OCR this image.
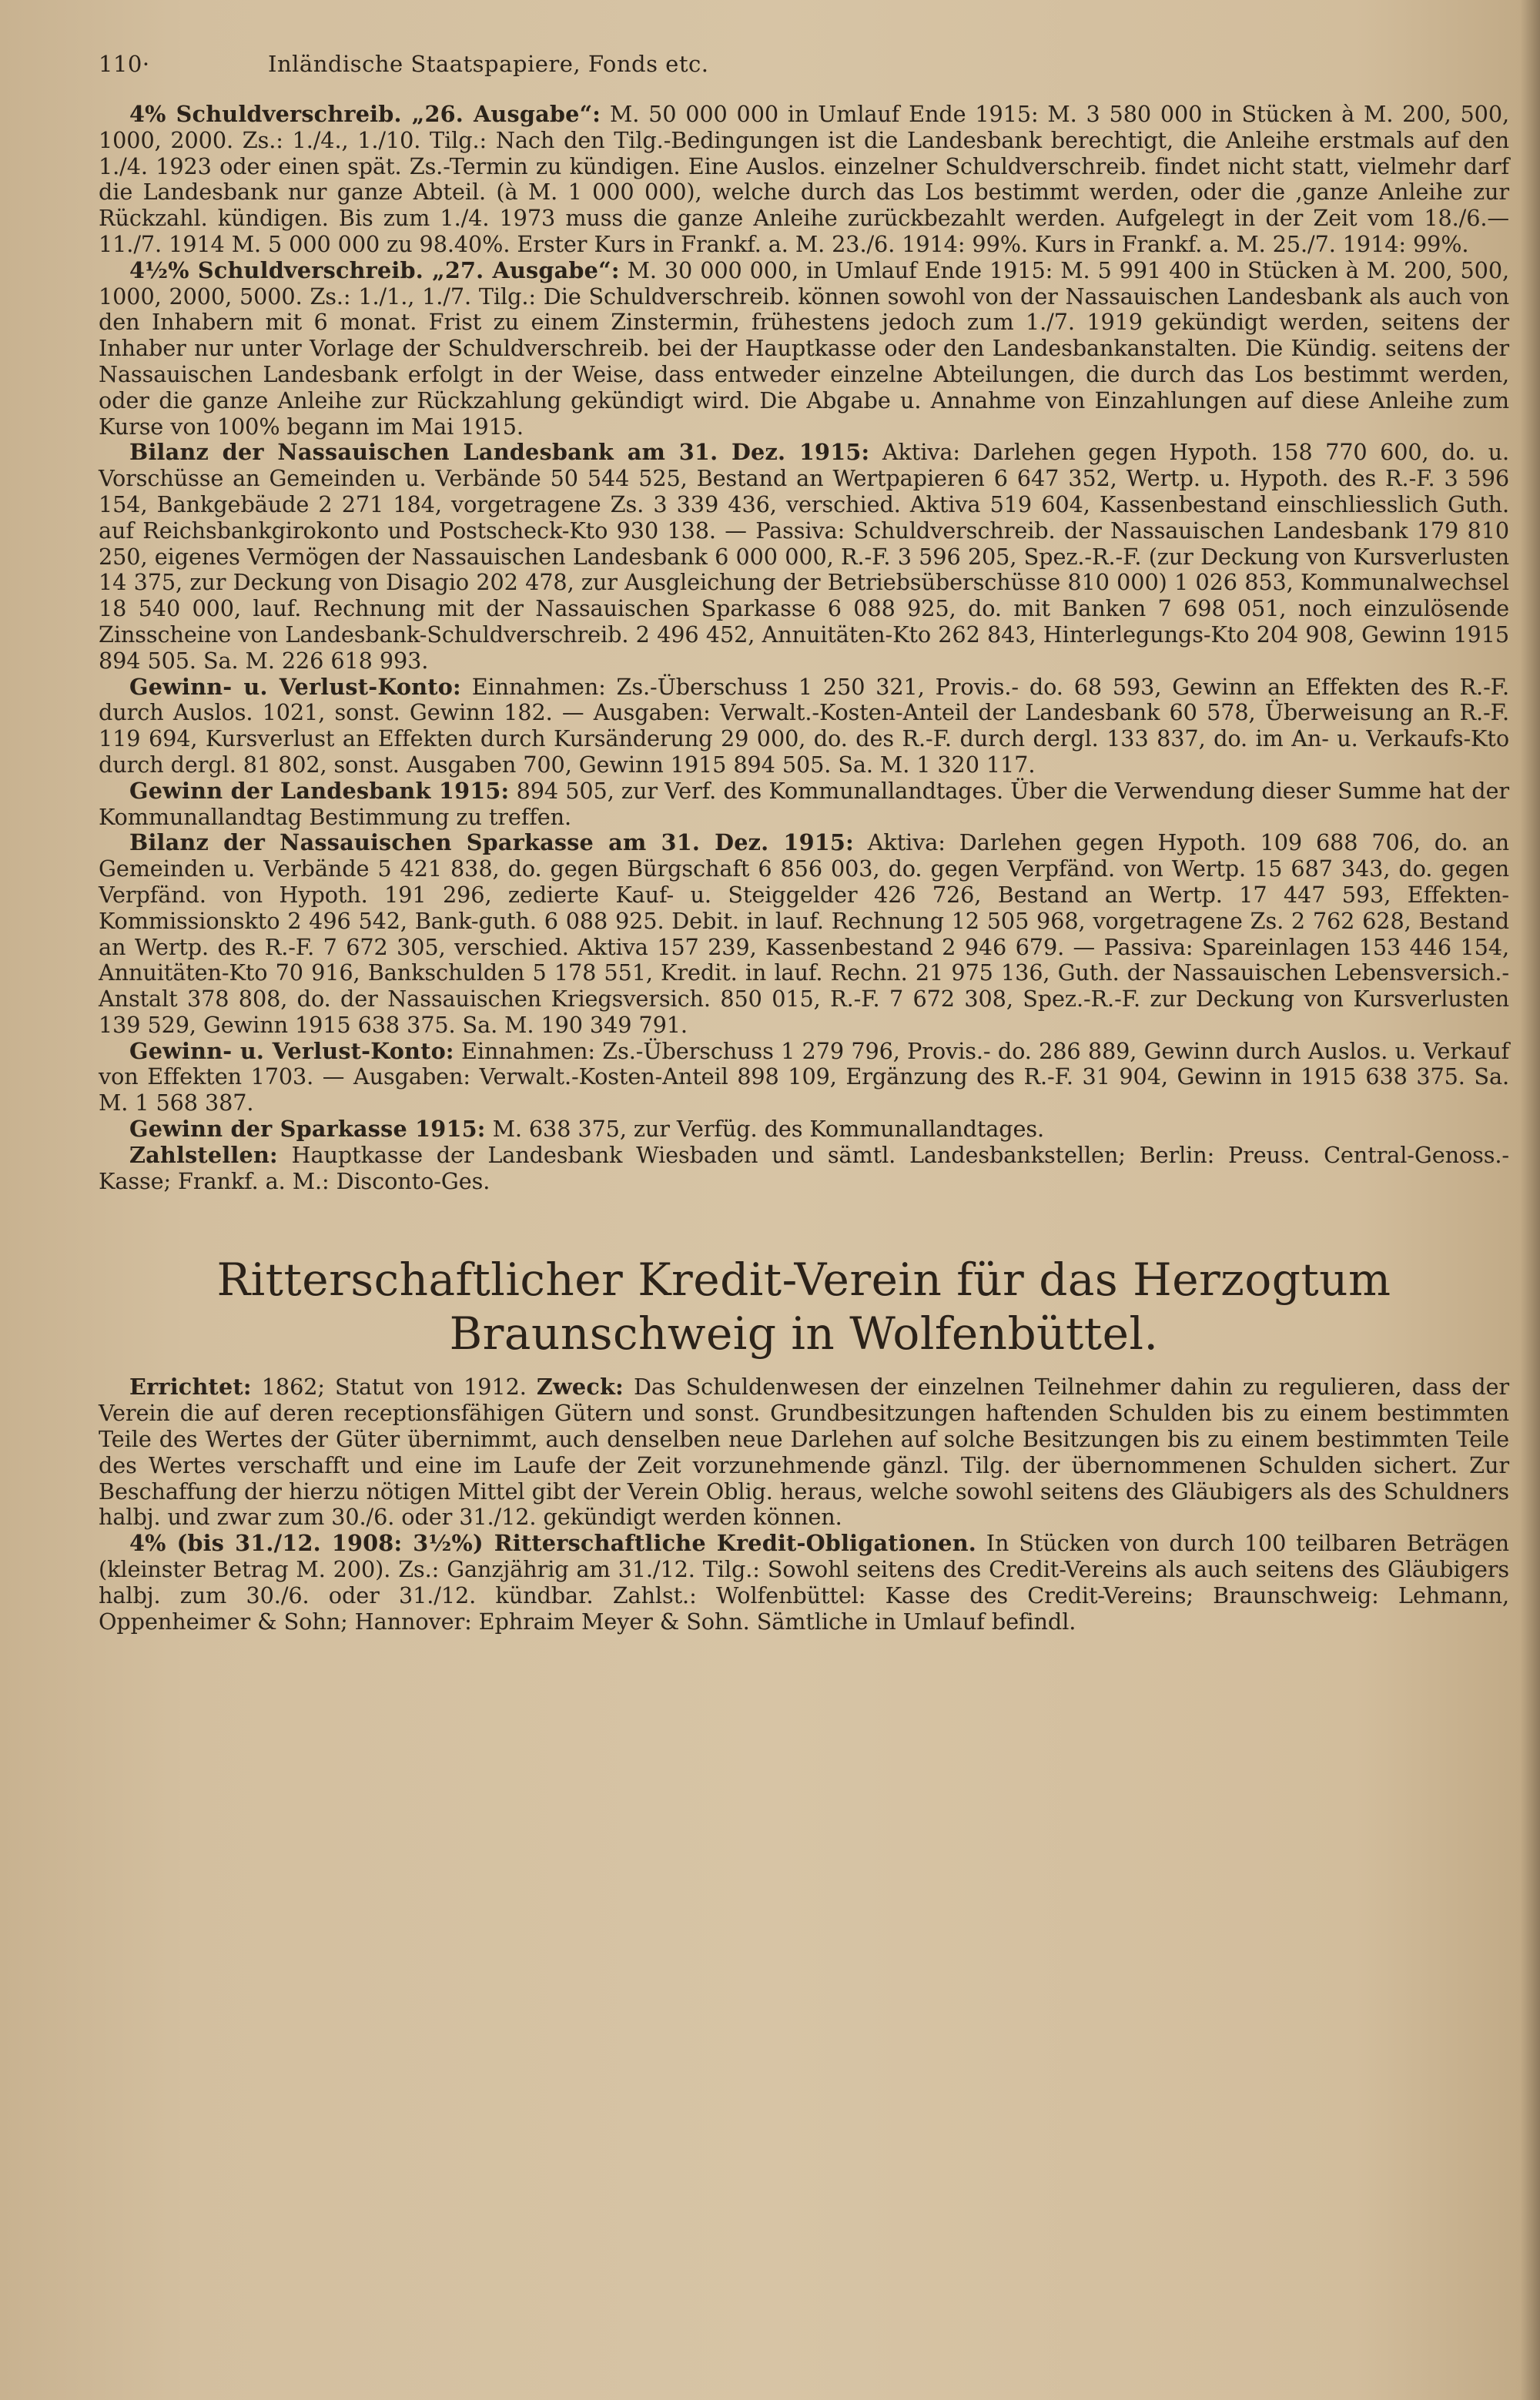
110·	Inländische Staatspapiere, Fonds etc.

4% Schuldverschreib. „26. Ausgabe“: M. 50 000 000 in Umlauf Ende 1915: M. 3 580 000 in Stücken à M. 200, 500, 1000, 2000. Zs.: 1./4., 1./10. Tilg.: Nach den Tilg.-Bedingungen ist die Landesbank berechtigt, die Anleihe erstmals auf den 1./4. 1923 oder einen spät. Zs.-Termin zu kündigen. Eine Auslos. einzelner Schuldverschreib. findet nicht statt, vielmehr darf die Landesbank nur ganze Abteil. (à M. 1 000 000), welche durch das Los bestimmt werden, oder die ‚ganze Anleihe zur Rückzahl. kündigen. Bis zum 1./4. 1973 muss die ganze Anleihe zurückbezahlt werden. Aufgelegt in der Zeit vom 18./6.—11./7. 1914 M. 5 000 000 zu 98.40%. Erster Kurs in Frankf. a. M. 23./6. 1914: 99%. Kurs in Frankf. a. M. 25./7. 1914: 99%.

4½% Schuldverschreib. „27. Ausgabe“: M. 30 000 000, in Umlauf Ende 1915: M. 5 991 400 in Stücken à M. 200, 500, 1000, 2000, 5000. Zs.: 1./1., 1./7. Tilg.: Die Schuldverschreib. können sowohl von der Nassauischen Landesbank als auch von den Inhabern mit 6 monat. Frist zu einem Zinstermin, frühestens jedoch zum 1./7. 1919 gekündigt werden, seitens der Inhaber nur unter Vorlage der Schuldverschreib. bei der Hauptkasse oder den Landesbankanstalten. Die Kündig. seitens der Nassauischen Landesbank erfolgt in der Weise, dass entweder einzelne Abteilungen, die durch das Los bestimmt werden, oder die ganze Anleihe zur Rückzahlung gekündigt wird. Die Abgabe u. Annahme von Einzahlungen auf diese Anleihe zum Kurse von 100% begann im Mai 1915.

Bilanz der Nassauischen Landesbank am 31. Dez. 1915: Aktiva: Darlehen gegen Hypoth. 158 770 600, do. u. Vorschüsse an Gemeinden u. Verbände 50 544 525, Bestand an Wertpapieren 6 647 352, Wertp. u. Hypoth. des R.-F. 3 596 154, Bankgebäude 2 271 184, vorgetragene Zs. 3 339 436, verschied. Aktiva 519 604, Kassenbestand einschliesslich Guth. auf Reichsbankgirokonto und Postscheck-Kto 930 138. — Passiva: Schuldverschreib. der Nassauischen Landesbank 179 810 250, eigenes Vermögen der Nassauischen Landesbank 6 000 000, R.-F. 3 596 205, Spez.-R.-F. (zur Deckung von Kursverlusten 14 375, zur Deckung von Disagio 202 478, zur Ausgleichung der Betriebsüberschüsse 810 000) 1 026 853, Kommunalwechsel 18 540 000, lauf. Rechnung mit der Nassauischen Sparkasse 6 088 925, do. mit Banken 7 698 051, noch einzulösende Zinsscheine von Landesbank-Schuldverschreib. 2 496 452, Annuitäten-Kto 262 843, Hinterlegungs-Kto 204 908, Gewinn 1915 894 505. Sa. M. 226 618 993.

Gewinn- u. Verlust-Konto: Einnahmen: Zs.-Überschuss 1 250 321, Provis.- do. 68 593, Gewinn an Effekten des R.-F. durch Auslos. 1021, sonst. Gewinn 182. — Ausgaben: Verwalt.-Kosten-Anteil der Landesbank 60 578, Überweisung an R.-F. 119 694, Kursverlust an Effekten durch Kursänderung 29 000, do. des R.-F. durch dergl. 133 837, do. im An- u. Verkaufs-Kto durch dergl. 81 802, sonst. Ausgaben 700, Gewinn 1915 894 505. Sa. M. 1 320 117.

Gewinn der Landesbank 1915: 894 505, zur Verf. des Kommunallandtages. Über die Verwendung dieser Summe hat der Kommunallandtag Bestimmung zu treffen.

Bilanz der Nassauischen Sparkasse am 31. Dez. 1915: Aktiva: Darlehen gegen Hypoth. 109 688 706, do. an Gemeinden u. Verbände 5 421 838, do. gegen Bürgschaft 6 856 003, do. gegen Verpfänd. von Wertp. 15 687 343, do. gegen Verpfänd. von Hypoth. 191 296, zedierte Kauf- u. Steiggelder 426 726, Bestand an Wertp. 17 447 593, Effekten-Kommissionskto 2 496 542, Bank-guth. 6 088 925. Debit. in lauf. Rechnung 12 505 968, vorgetragene Zs. 2 762 628, Bestand an Wertp. des R.-F. 7 672 305, verschied. Aktiva 157 239, Kassenbestand 2 946 679. — Passiva: Spareinlagen 153 446 154, Annuitäten-Kto 70 916, Bankschulden 5 178 551, Kredit. in lauf. Rechn. 21 975 136, Guth. der Nassauischen Lebensversich.-Anstalt 378 808, do. der Nassauischen Kriegsversich. 850 015, R.-F. 7 672 308, Spez.-R.-F. zur Deckung von Kursverlusten 139 529, Gewinn 1915 638 375. Sa. M. 190 349 791.

Gewinn- u. Verlust-Konto: Einnahmen: Zs.-Überschuss 1 279 796, Provis.- do. 286 889, Gewinn durch Auslos. u. Verkauf von Effekten 1703. — Ausgaben: Verwalt.-Kosten-Anteil 898 109, Ergänzung des R.-F. 31 904, Gewinn in 1915 638 375. Sa. M. 1 568 387.

Gewinn der Sparkasse 1915: M. 638 375, zur Verfüg. des Kommunallandtages.

Zahlstellen: Hauptkasse der Landesbank Wiesbaden und sämtl. Landesbankstellen; Berlin: Preuss. Central-Genoss.-Kasse; Frankf. a. M.: Disconto-Ges.

Ritterschaftlicher Kredit-Verein für das Herzogtum
Braunschweig in Wolfenbüttel.

Errichtet: 1862; Statut von 1912. Zweck: Das Schuldenwesen der einzelnen Teilnehmer dahin zu regulieren, dass der Verein die auf deren receptionsfähigen Gütern und sonst. Grundbesitzungen haftenden Schulden bis zu einem bestimmten Teile des Wertes der Güter übernimmt, auch denselben neue Darlehen auf solche Besitzungen bis zu einem bestimmten Teile des Wertes verschafft und eine im Laufe der Zeit vorzunehmende gänzl. Tilg. der übernommenen Schulden sichert. Zur Beschaffung der hierzu nötigen Mittel gibt der Verein Oblig. heraus, welche sowohl seitens des Gläubigers als des Schuldners halbj. und zwar zum 30./6. oder 31./12. gekündigt werden können.

4% (bis 31./12. 1908: 3½%) Ritterschaftliche Kredit-Obligationen. In Stücken von durch 100 teilbaren Beträgen (kleinster Betrag M. 200). Zs.: Ganzjährig am 31./12. Tilg.: Sowohl seitens des Credit-Vereins als auch seitens des Gläubigers halbj. zum 30./6. oder 31./12. kündbar. Zahlst.: Wolfenbüttel: Kasse des Credit-Vereins; Braunschweig: Lehmann, Oppenheimer & Sohn; Hannover: Ephraim Meyer & Sohn. Sämtliche in Umlauf befindl.
